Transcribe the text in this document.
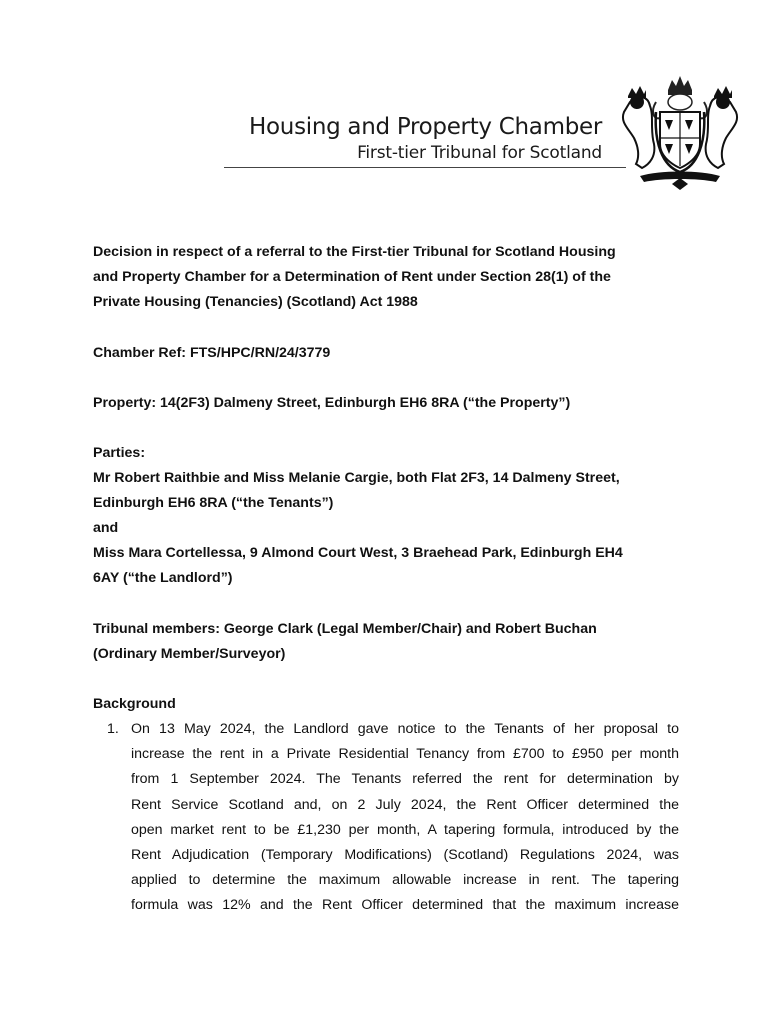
Housing and Property Chamber
First-tier Tribunal for Scotland
Decision in respect of a referral to the First-tier Tribunal for Scotland Housing
and Property Chamber for a Determination of Rent under Section 28(1) of the
Private Housing (Tenancies) (Scotland) Act 1988
Chamber Ref: FTS/HPC/RN/24/3779
Property: 14(2F3) Dalmeny Street, Edinburgh EH6 8RA (“the Property”)
Parties:
Mr Robert Raithbie and Miss Melanie Cargie, both Flat 2F3, 14 Dalmeny Street,
Edinburgh EH6 8RA (“the Tenants”)
and
Miss Mara Cortellessa, 9 Almond Court West, 3 Braehead Park, Edinburgh EH4
6AY (“the Landlord”)
Tribunal members: George Clark (Legal Member/Chair) and Robert Buchan
(Ordinary Member/Surveyor)
Background
1. On 13 May 2024, the Landlord gave notice to the Tenants of her proposal to
increase the rent in a Private Residential Tenancy from £700 to £950 per month
from 1 September 2024. The Tenants referred the rent for determination by
Rent Service Scotland and, on 2 July 2024, the Rent Officer determined the
open market rent to be £1,230 per month, A tapering formula, introduced by the
Rent Adjudication (Temporary Modifications) (Scotland) Regulations 2024, was
applied to determine the maximum allowable increase in rent. The tapering
formula was 12% and the Rent Officer determined that the maximum increase
